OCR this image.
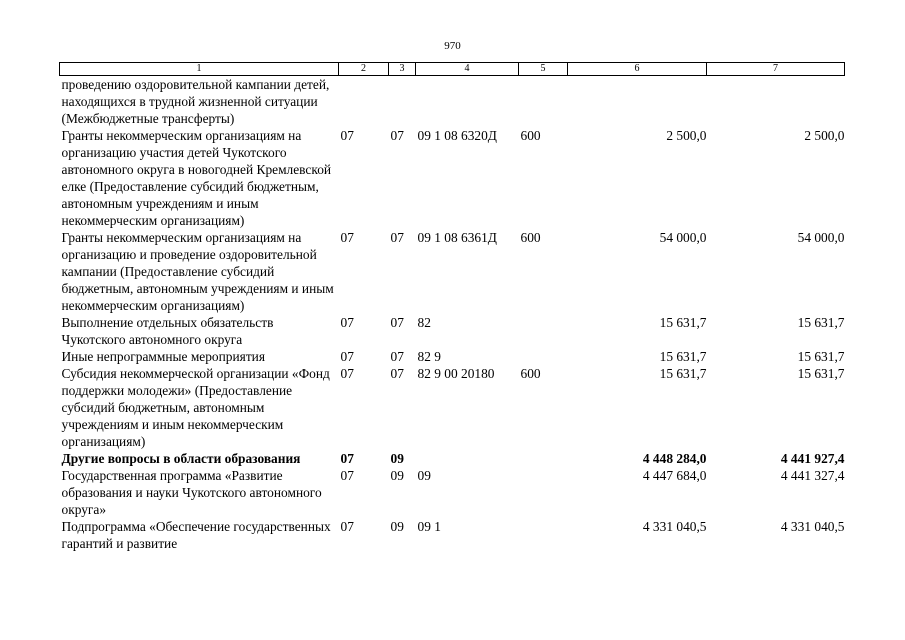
970
1	2	3	4	5	6	7
проведению оздоровительной кампании детей, находящихся в трудной жизненной ситуации (Межбюджетные трансферты)						
Гранты некоммерческим организациям на организацию участия детей Чукотского автономного округа в новогодней Кремлевской елке (Предоставление субсидий бюджетным, автономным учреждениям и иным некоммерческим организациям)	07	07	09 1 08 6320Д	600	2 500,0	2 500,0
Гранты некоммерческим организациям на организацию и проведение оздоровительной кампании (Предоставление субсидий бюджетным, автономным учреждениям и иным некоммерческим организациям)	07	07	09 1 08 6361Д	600	54 000,0	54 000,0
Выполнение отдельных обязательств Чукотского автономного округа	07	07	82		15 631,7	15 631,7
Иные непрограммные мероприятия	07	07	82 9		15 631,7	15 631,7
Субсидия некоммерческой организации «Фонд поддержки молодежи» (Предоставление субсидий бюджетным, автономным учреждениям и иным некоммерческим организациям)	07	07	82 9 00 20180	600	15 631,7	15 631,7
Другие вопросы в области образования	07	09			4 448 284,0	4 441 927,4
Государственная программа «Развитие образования и науки Чукотского автономного округа»	07	09	09		4 447 684,0	4 441 327,4
Подпрограмма «Обеспечение государственных гарантий и развитие	07	09	09 1		4 331 040,5	4 331 040,5
